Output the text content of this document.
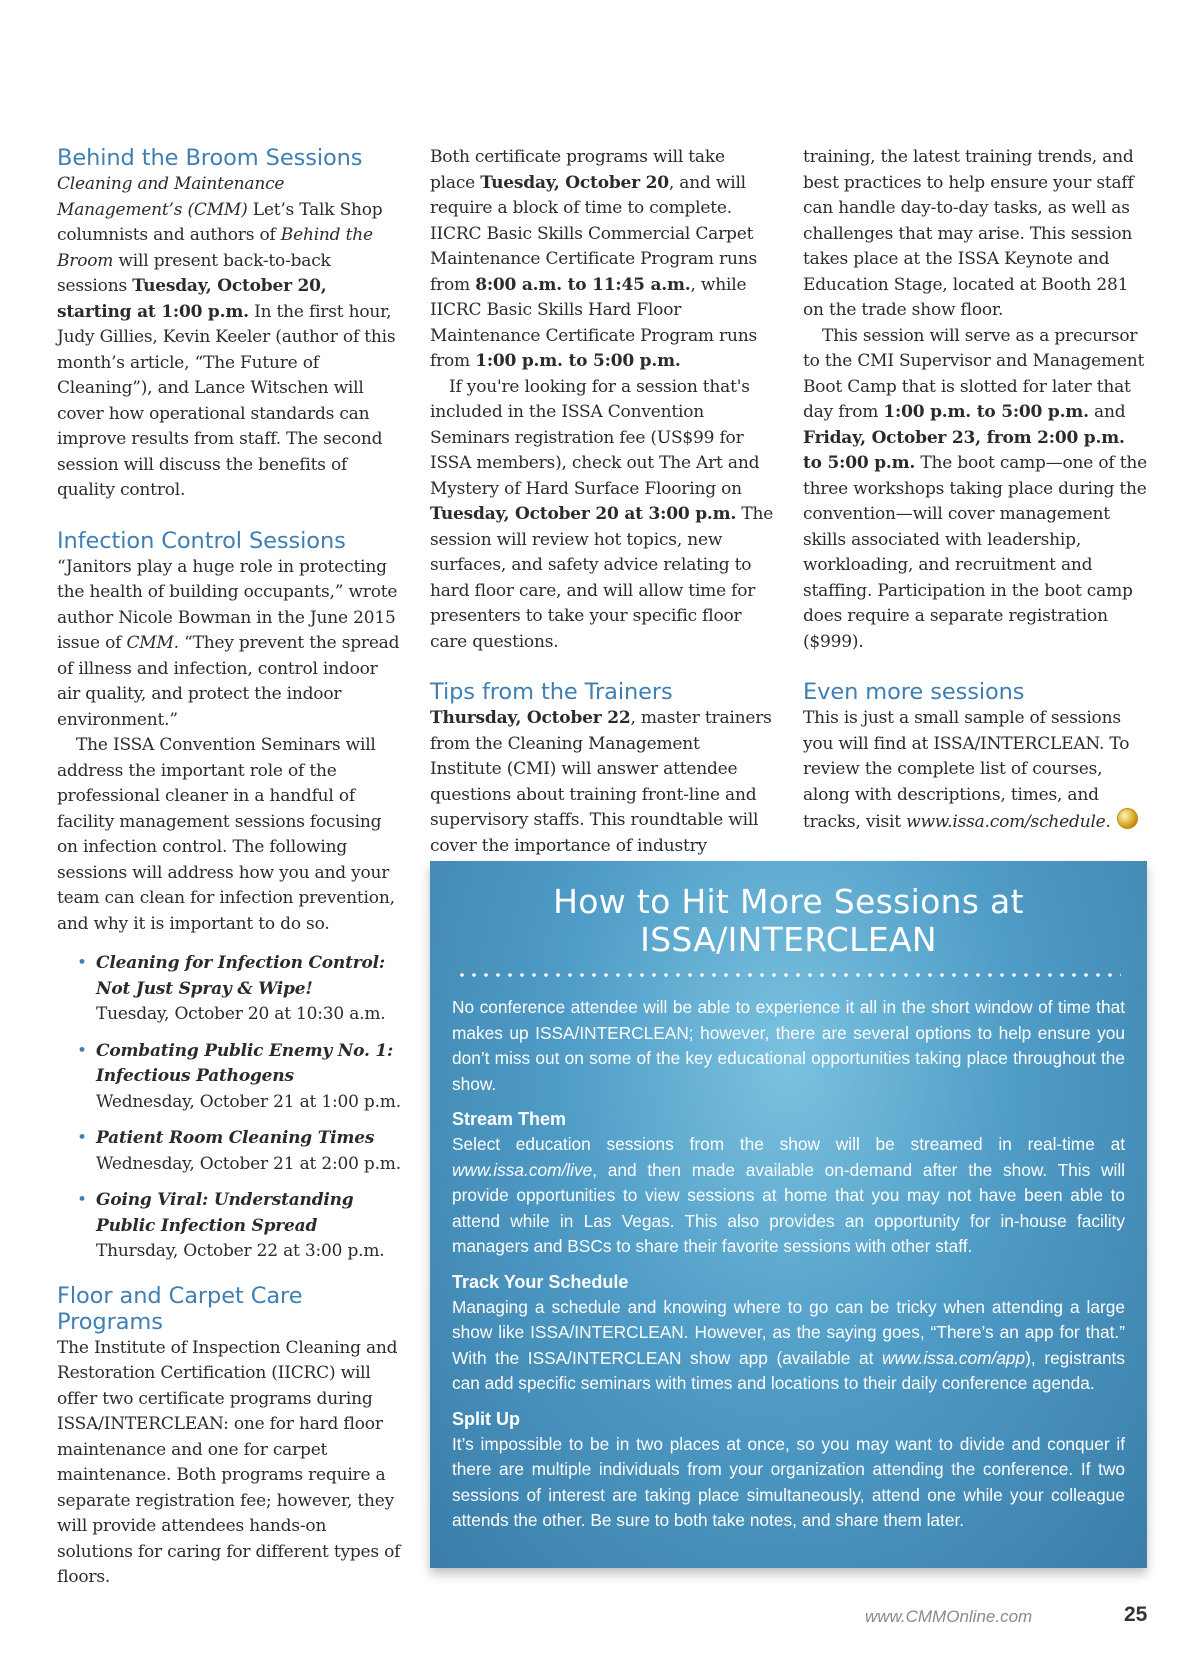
Behind the Broom Sessions

Cleaning and Maintenance Management’s (CMM) Let’s Talk Shop columnists and authors of Behind the Broom will present back-to-back sessions Tuesday, October 20, starting at 1:00 p.m. In the first hour, Judy Gillies, Kevin Keeler (author of this month’s article, “The Future of Cleaning”), and Lance Witschen will cover how operational standards can improve results from staff. The second session will discuss the benefits of quality control.

Infection Control Sessions

“Janitors play a huge role in protecting the health of building occupants,” wrote author Nicole Bowman in the June 2015 issue of CMM. “They prevent the spread of illness and infection, control indoor air quality, and protect the indoor environment.”

The ISSA Convention Seminars will address the important role of the professional cleaner in a handful of facility management sessions focusing on infection control. The following sessions will address how you and your team can clean for infection prevention, and why it is important to do so.

• Cleaning for Infection Control: Not Just Spray & Wipe!
Tuesday, October 20 at 10:30 a.m.
• Combating Public Enemy No. 1: Infectious Pathogens
Wednesday, October 21 at 1:00 p.m.
• Patient Room Cleaning Times
Wednesday, October 21 at 2:00 p.m.
• Going Viral: Understanding Public Infection Spread
Thursday, October 22 at 3:00 p.m.
Floor and Carpet Care Programs

The Institute of Inspection Cleaning and Restoration Certification (IICRC) will offer two certificate programs during ISSA/INTERCLEAN: one for hard floor maintenance and one for carpet maintenance. Both programs require a separate registration fee; however, they will provide attendees hands-on solutions for caring for different types of floors.

Both certificate programs will take place Tuesday, October 20, and will require a block of time to complete. IICRC Basic Skills Commercial Carpet Maintenance Certificate Program runs from 8:00 a.m. to 11:45 a.m., while IICRC Basic Skills Hard Floor Maintenance Certificate Program runs from 1:00 p.m. to 5:00 p.m.

If you're looking for a session that's included in the ISSA Convention Seminars registration fee (US$99 for ISSA members), check out The Art and Mystery of Hard Surface Flooring on Tuesday, October 20 at 3:00 p.m. The session will review hot topics, new surfaces, and safety advice relating to hard floor care, and will allow time for presenters to take your specific floor care questions.

Tips from the Trainers

Thursday, October 22, master trainers from the Cleaning Management Institute (CMI) will answer attendee questions about training front-line and supervisory staffs. This roundtable will cover the importance of industry

training, the latest training trends, and best practices to help ensure your staff can handle day-to-day tasks, as well as challenges that may arise. This session takes place at the ISSA Keynote and Education Stage, located at Booth 281 on the trade show floor.

This session will serve as a precursor to the CMI Supervisor and Management Boot Camp that is slotted for later that day from 1:00 p.m. to 5:00 p.m. and Friday, October 23, from 2:00 p.m. to 5:00 p.m. The boot camp—one of the three workshops taking place during the convention—will cover management skills associated with leadership, workloading, and recruitment and staffing. Participation in the boot camp does require a separate registration ($999).

Even more sessions

This is just a small sample of sessions you will find at ISSA/INTERCLEAN. To review the complete list of courses, along with descriptions, times, and tracks, visit www.issa.com/schedule.

How to Hit More Sessions at ISSA/INTERCLEAN

No conference attendee will be able to experience it all in the short window of time that makes up ISSA/INTERCLEAN; however, there are several options to help ensure you don’t miss out on some of the key educational opportunities taking place throughout the show.

Stream Them

Select education sessions from the show will be streamed in real-time at www.issa.com/live, and then made available on-demand after the show. This will provide opportunities to view sessions at home that you may not have been able to attend while in Las Vegas. This also provides an opportunity for in-house facility managers and BSCs to share their favorite sessions with other staff.

Track Your Schedule

Managing a schedule and knowing where to go can be tricky when attending a large show like ISSA/INTERCLEAN. However, as the saying goes, “There’s an app for that.” With the ISSA/INTERCLEAN show app (available at www.issa.com/app), registrants can add specific seminars with times and locations to their daily conference agenda.

Split Up

It’s impossible to be in two places at once, so you may want to divide and conquer if there are multiple individuals from your organization attending the conference. If two sessions of interest are taking place simultaneously, attend one while your colleague attends the other. Be sure to both take notes, and share them later.

www.CMMOnline.com	25
